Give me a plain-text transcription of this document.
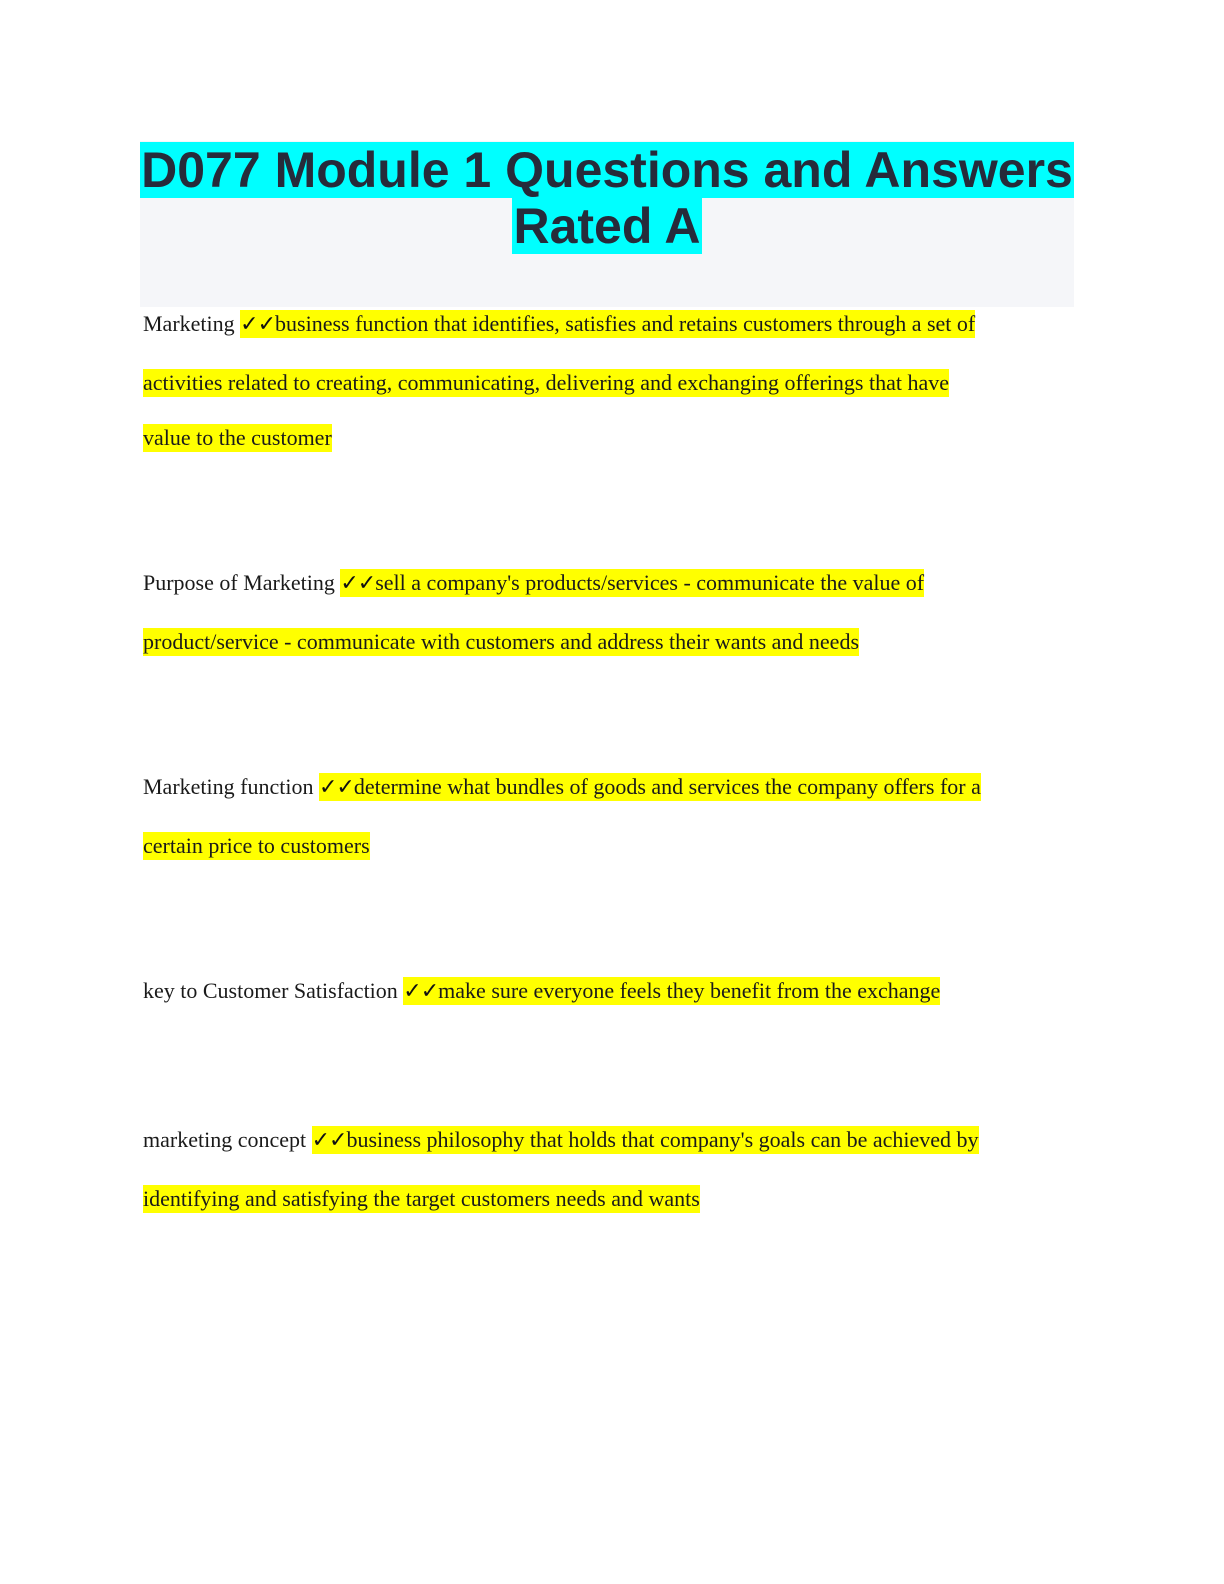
D077 Module 1 Questions and Answers
Rated A
Marketing ✓✓business function that identifies, satisfies and retains customers through a set of
activities related to creating, communicating, delivering and exchanging offerings that have
value to the customer
Purpose of Marketing ✓✓sell a company's products/services - communicate the value of
product/service - communicate with customers and address their wants and needs
Marketing function ✓✓determine what bundles of goods and services the company offers for a
certain price to customers
key to Customer Satisfaction ✓✓make sure everyone feels they benefit from the exchange
marketing concept ✓✓business philosophy that holds that company's goals can be achieved by
identifying and satisfying the target customers needs and wants
